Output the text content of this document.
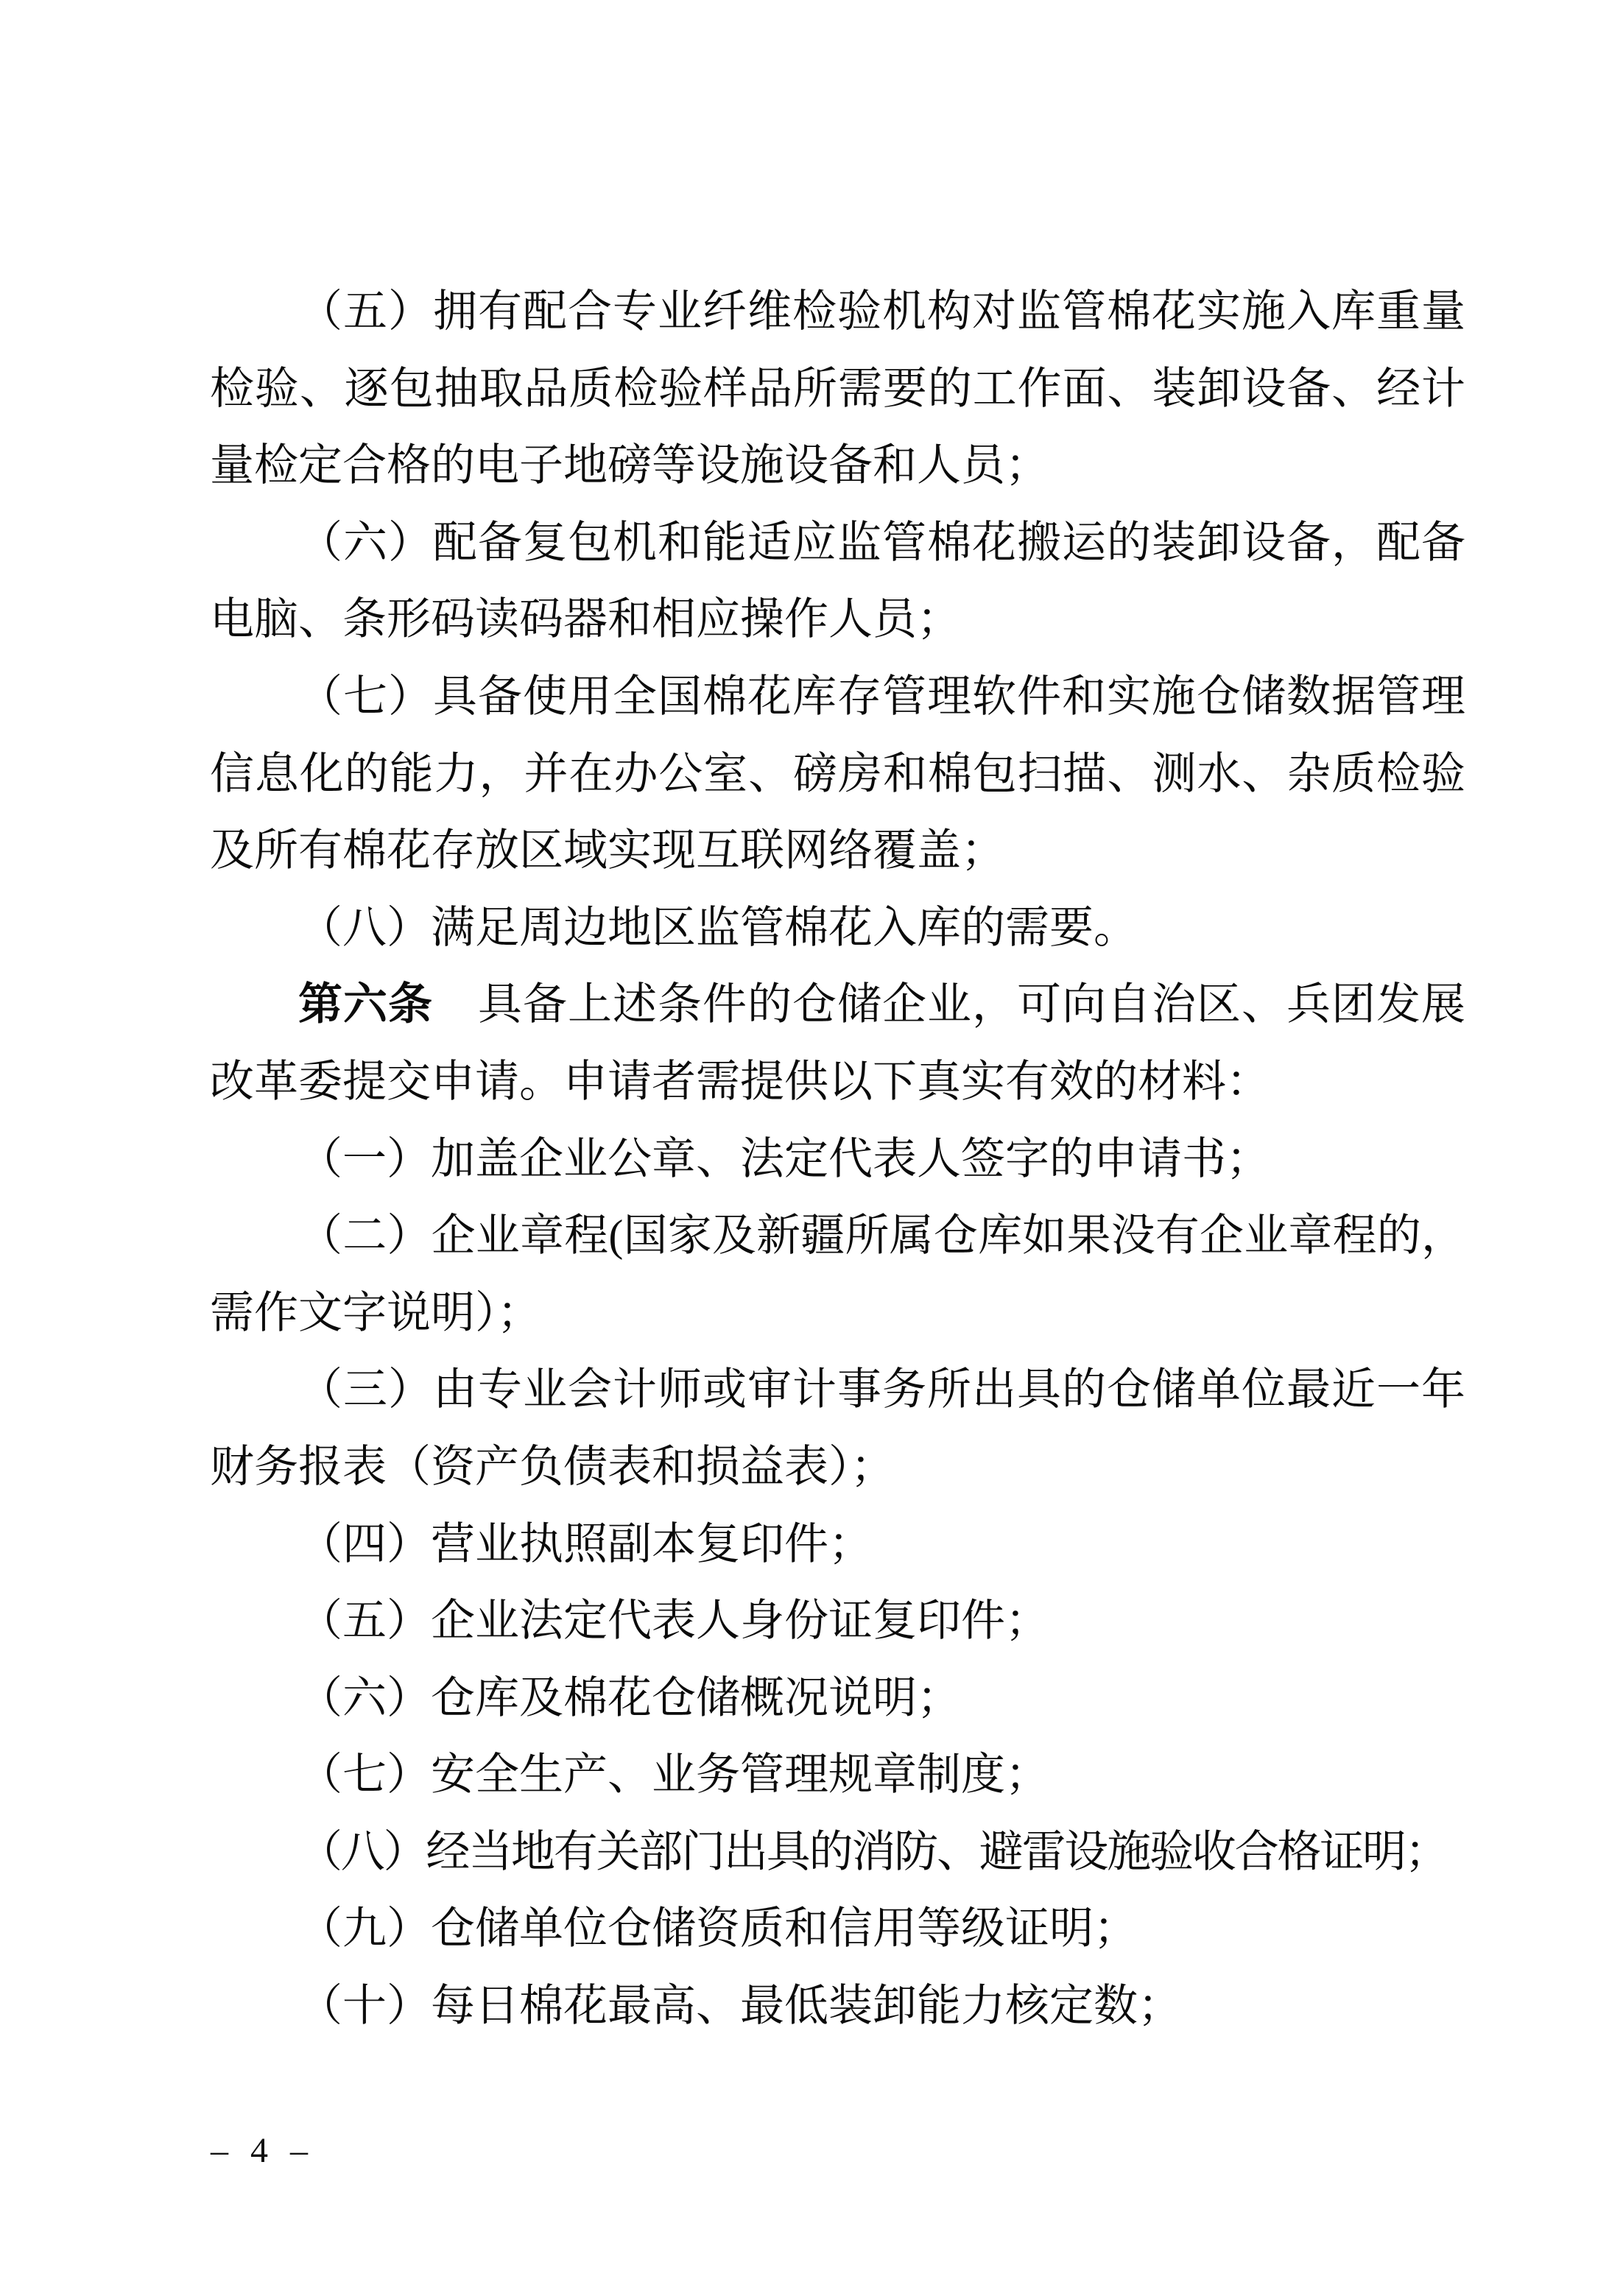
（五）拥有配合专业纤维检验机构对监管棉花实施入库重量检验、逐包抽取品质检验样品所需要的工作面、装卸设备、经计量检定合格的电子地磅等设施设备和人员；

（六）配备复包机和能适应监管棉花搬运的装卸设备，配备电脑、条形码读码器和相应操作人员；

（七）具备使用全国棉花库存管理软件和实施仓储数据管理信息化的能力，并在办公室、磅房和棉包扫描、测水、杂质检验及所有棉花存放区域实现互联网络覆盖；

（八）满足周边地区监管棉花入库的需要。

第六条　具备上述条件的仓储企业，可向自治区、兵团发展改革委提交申请。申请者需提供以下真实有效的材料：

（一）加盖企业公章、法定代表人签字的申请书；

（二）企业章程(国家及新疆所属仓库如果没有企业章程的，需作文字说明）；

（三）由专业会计师或审计事务所出具的仓储单位最近一年财务报表（资产负债表和损益表）；

（四）营业执照副本复印件；

（五）企业法定代表人身份证复印件；

（六）仓库及棉花仓储概况说明；

（七）安全生产、业务管理规章制度；

（八）经当地有关部门出具的消防、避雷设施验收合格证明；

（九）仓储单位仓储资质和信用等级证明；

（十）每日棉花最高、最低装卸能力核定数；

– 4 –
